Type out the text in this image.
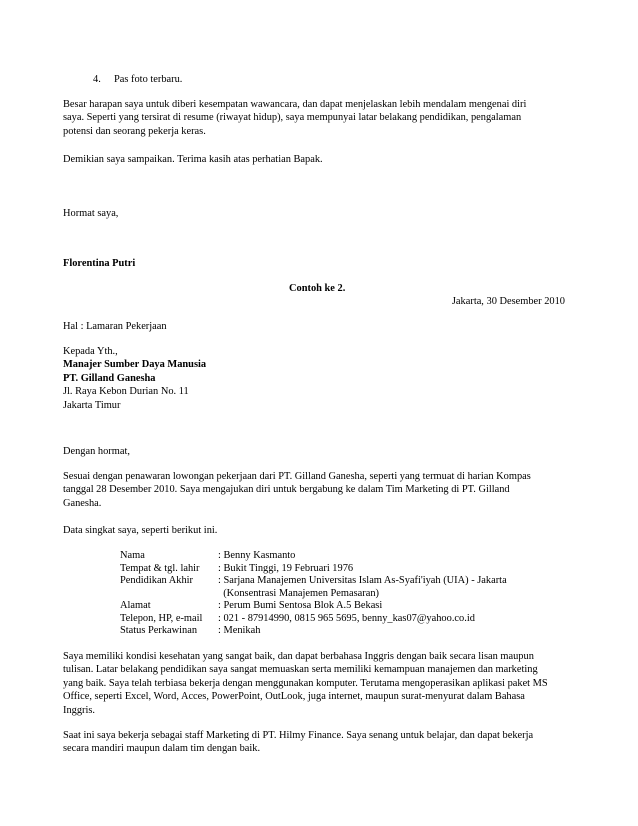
4. Pas foto terbaru.
Besar harapan saya untuk diberi kesempatan wawancara, dan dapat menjelaskan lebih mendalam mengenai diri
saya. Seperti yang tersirat di resume (riwayat hidup), saya mempunyai latar belakang pendidikan, pengalaman
potensi dan seorang pekerja keras.
Demikian saya sampaikan. Terima kasih atas perhatian Bapak.
Hormat saya,
Florentina Putri
Contoh ke 2.
Jakarta, 30 Desember 2010
Hal : Lamaran Pekerjaan
Kepada Yth.,
Manajer Sumber Daya Manusia
PT. Gilland Ganesha
Jl. Raya Kebon Durian No. 11
Jakarta Timur
Dengan hormat,
Sesuai dengan penawaran lowongan pekerjaan dari PT. Gilland Ganesha, seperti yang termuat di harian Kompas
tanggal 28 Desember 2010. Saya mengajukan diri untuk bergabung ke dalam Tim Marketing di PT. Gilland
Ganesha.
Data singkat saya, seperti berikut ini.
Nama	: Benny Kasmanto
Tempat & tgl. lahir : Bukit Tinggi, 19 Februari 1976
Pendidikan Akhir : Sarjana Manajemen Universitas Islam As-Syafi'iyah (UIA) - Jakarta
(Konsentrasi Manajemen Pemasaran)
Alamat	: Perum Bumi Sentosa Blok A.5 Bekasi
Telepon, HP, e-mail : 021 - 87914990, 0815 965 5695, benny_kas07@yahoo.co.id
Status Perkawinan : Menikah
Saya memiliki kondisi kesehatan yang sangat baik, dan dapat berbahasa Inggris dengan baik secara lisan maupun
tulisan. Latar belakang pendidikan saya sangat memuaskan serta memiliki kemampuan manajemen dan marketing
yang baik. Saya telah terbiasa bekerja dengan menggunakan komputer. Terutama mengoperasikan aplikasi paket MS
Office, seperti Excel, Word, Acces, PowerPoint, OutLook, juga internet, maupun surat-menyurat dalam Bahasa
Inggris.
Saat ini saya bekerja sebagai staff Marketing di PT. Hilmy Finance. Saya senang untuk belajar, dan dapat bekerja
secara mandiri maupun dalam tim dengan baik.
